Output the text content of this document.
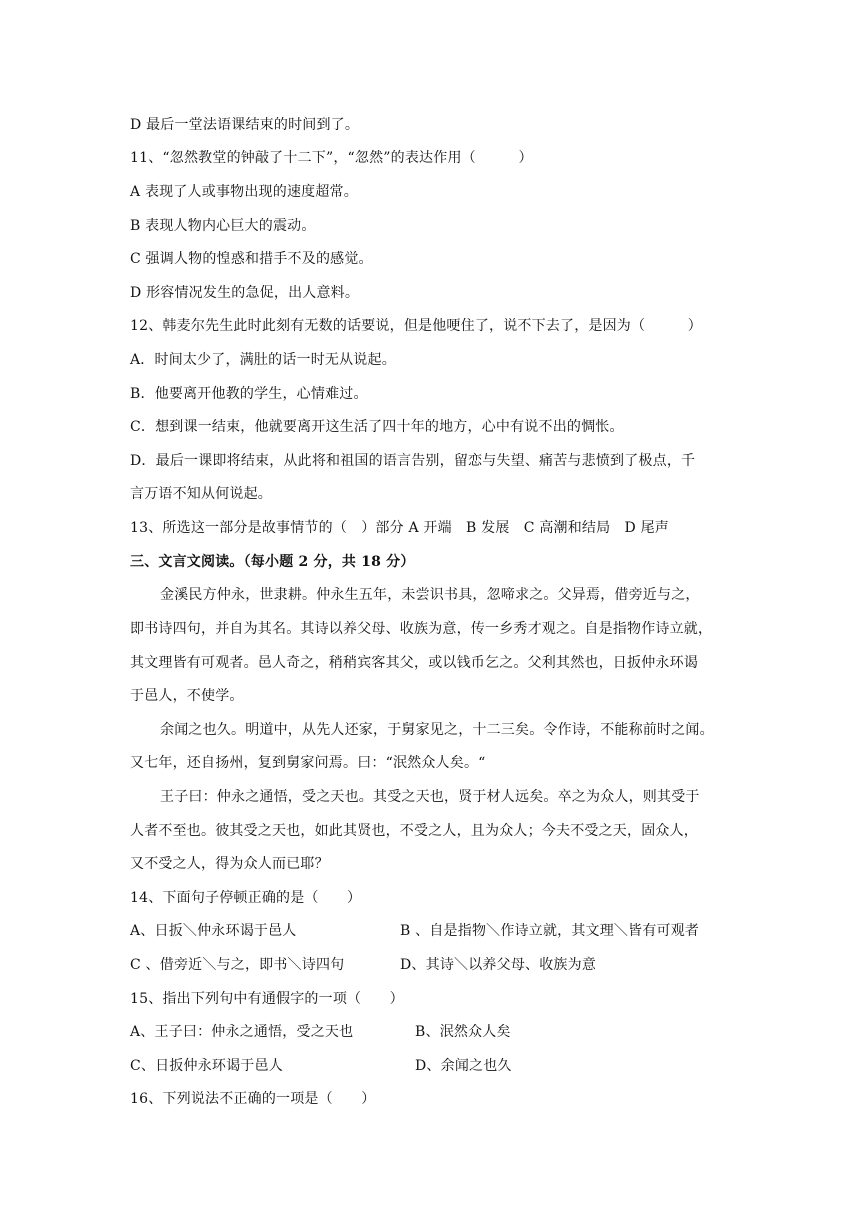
D 最后一堂法语课结束的时间到了。
11、“忽然教堂的钟敲了十二下”，“忽然”的表达作用（　　　）
A 表现了人或事物出现的速度超常。
B 表现人物内心巨大的震动。
C 强调人物的惶惑和措手不及的感觉。
D 形容情况发生的急促，出人意料。
12、韩麦尔先生此时此刻有无数的话要说，但是他哽住了，说不下去了，是因为（　　　）
A．时间太少了，满肚的话一时无从说起。
B．他要离开他教的学生，心情难过。
C．想到课一结束，他就要离开这生活了四十年的地方，心中有说不出的惆怅。
D．最后一课即将结束，从此将和祖国的语言告别，留恋与失望、痛苦与悲愤到了极点，千
言万语不知从何说起。
13、所选这一部分是故事情节的（　）部分 A 开端　B 发展　C 高潮和结局　D 尾声
三、文言文阅读。（每小题 2 分，共 18 分）
金溪民方仲永，世隶耕。仲永生五年，未尝识书具，忽啼求之。父异焉，借旁近与之，
即书诗四句，并自为其名。其诗以养父母、收族为意，传一乡秀才观之。自是指物作诗立就，
其文理皆有可观者。邑人奇之，稍稍宾客其父，或以钱币乞之。父利其然也，日扳仲永环谒
于邑人，不使学。
余闻之也久。明道中，从先人还家，于舅家见之，十二三矣。令作诗，不能称前时之闻。
又七年，还自扬州，复到舅家问焉。曰：“泯然众人矣。“
王子曰：仲永之通悟，受之天也。其受之天也，贤于材人远矣。卒之为众人，则其受于
人者不至也。彼其受之天也，如此其贤也，不受之人，且为众人；今夫不受之天，固众人，
又不受之人，得为众人而已耶？
14、下面句子停顿正确的是（　　）
A、日扳＼仲永环谒于邑人	B 、自是指物＼作诗立就，其文理＼皆有可观者
C 、借旁近＼与之，即书＼诗四句	D、其诗＼以养父母、收族为意
15、指出下列句中有通假字的一项（　　）
A、王子曰：仲永之通悟，受之天也	B、泯然众人矣
C、日扳仲永环谒于邑人	D、余闻之也久
16、下列说法不正确的一项是（　　）
